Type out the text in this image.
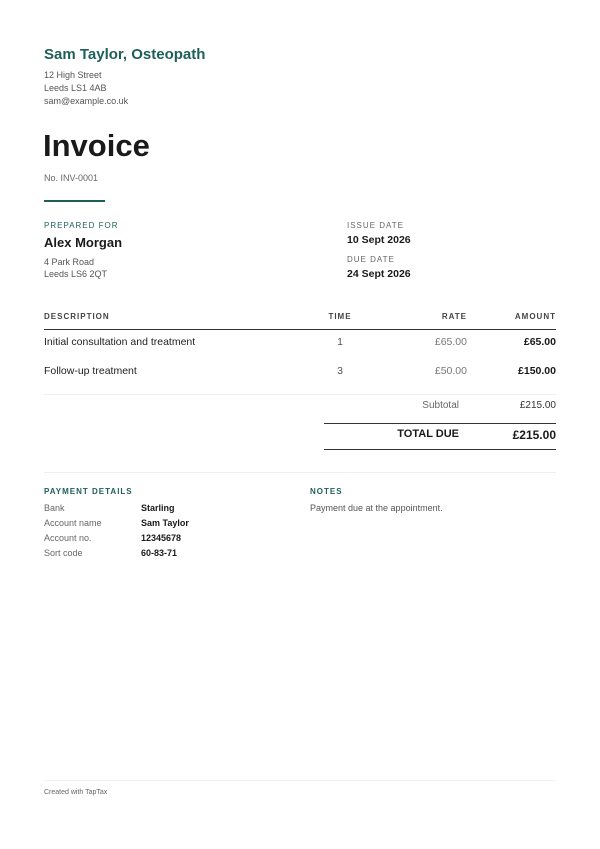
Sam Taylor, Osteopath
12 High Street
Leeds LS1 4AB
sam@example.co.uk
Invoice
No. INV-0001
PREPARED FOR
Alex Morgan
4 Park Road
Leeds LS6 2QT
ISSUE DATE
10 Sept 2026
DUE DATE
24 Sept 2026
DESCRIPTION	TIME	RATE	AMOUNT
Initial consultation and treatment	1	£65.00	£65.00
Follow-up treatment	3	£50.00	£150.00
Subtotal	£215.00
TOTAL DUE	£215.00
PAYMENT DETAILS
Bank	Starling
Account name	Sam Taylor
Account no.	12345678
Sort code	60-83-71
NOTES
Payment due at the appointment.
Created with TapTax
